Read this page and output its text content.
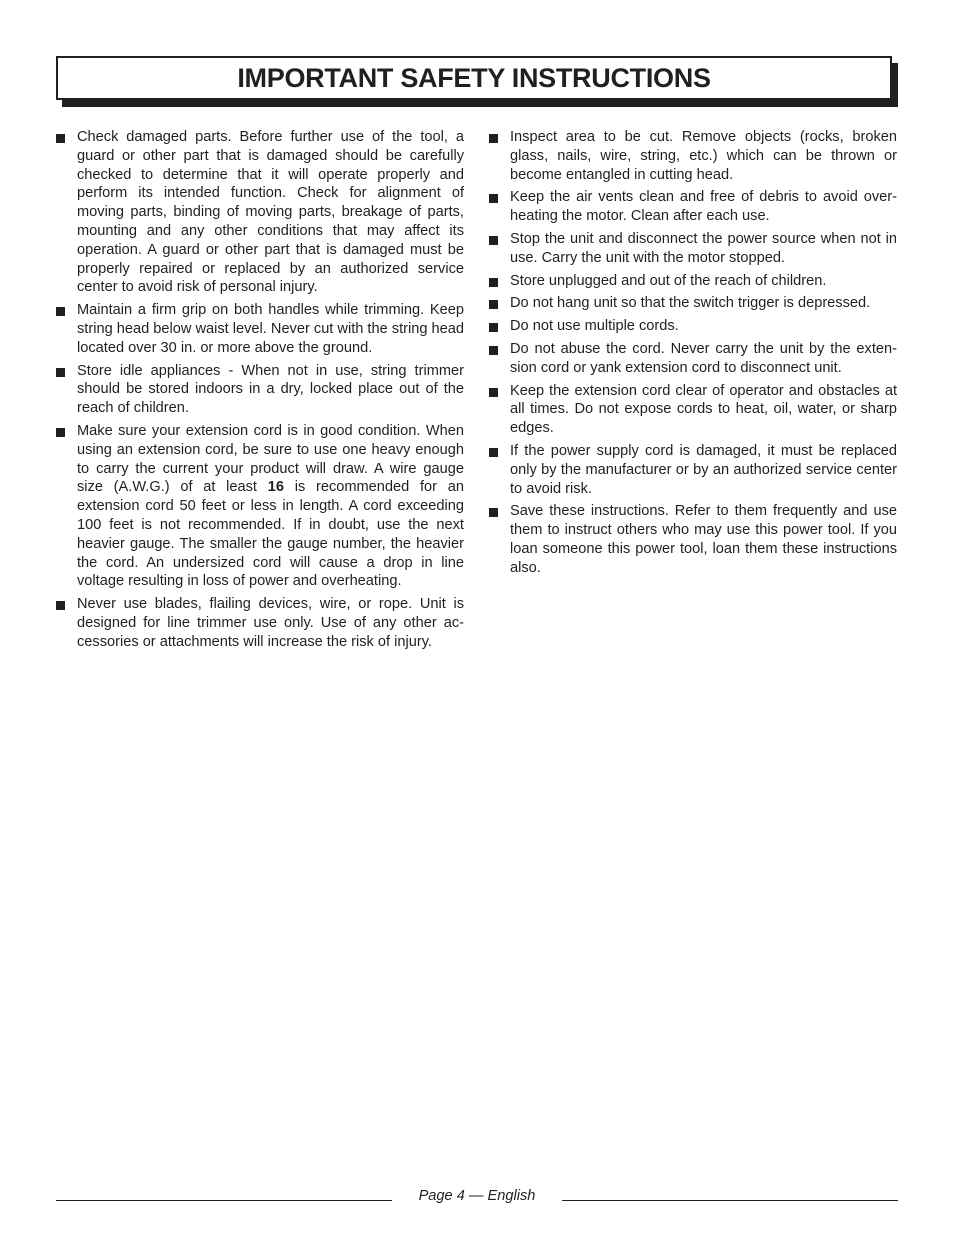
IMPORTANT SAFETY INSTRUCTIONS
Check damaged parts. Before further use of the tool, a guard or other part that is damaged should be carefully checked to determine that it will operate properly and perform its intended function. Check for alignment of moving parts, binding of moving parts, breakage of parts, mounting and any other conditions that may affect its operation. A guard or other part that is damaged must be properly repaired or replaced by an authorized service center to avoid risk of personal injury.
Maintain a firm grip on both handles while trimming. Keep string head below waist level. Never cut with the string head located over 30 in. or more above the ground.
Store idle appliances - When not in use, string trimmer should be stored indoors in a dry, locked place out of the reach of children.
Make sure your extension cord is in good condition. When using an extension cord, be sure to use one heavy enough to carry the current your product will draw. A wire gauge size (A.W.G.) of at least 16 is recommended for an extension cord 50 feet or less in length. A cord exceeding 100 feet is not recommended. If in doubt, use the next heavier gauge. The smaller the gauge number, the heavier the cord. An undersized cord will cause a drop in line voltage resulting in loss of power and overheating.
Never use blades, flailing devices, wire, or rope. Unit is designed for line trimmer use only. Use of any other accessories or attachments will increase the risk of injury.
Inspect area to be cut. Remove objects (rocks, broken glass, nails, wire, string, etc.) which can be thrown or become entangled in cutting head.
Keep the air vents clean and free of debris to avoid overheating the motor. Clean after each use.
Stop the unit and disconnect the power source when not in use. Carry the unit with the motor stopped.
Store unplugged and out of the reach of children.
Do not hang unit so that the switch trigger is depressed.
Do not use multiple cords.
Do not abuse the cord. Never carry the unit by the extension cord or yank extension cord to disconnect unit.
Keep the extension cord clear of operator and obstacles at all times. Do not expose cords to heat, oil, water, or sharp edges.
If the power supply cord is damaged, it must be replaced only by the manufacturer or by an authorized service center to avoid risk.
Save these instructions. Refer to them frequently and use them to instruct others who may use this power tool. If you loan someone this power tool, loan them these instructions also.
Page 4 — English
